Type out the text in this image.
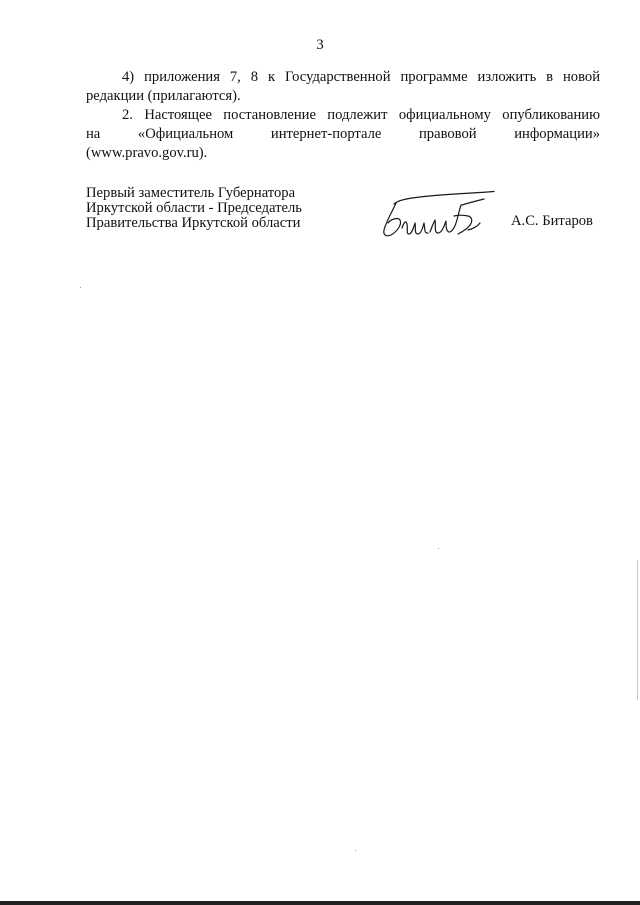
3

4) приложения 7, 8 к Государственной программе изложить в новой

редакции (прилагаются).

2. Настоящее постановление подлежит официальному опубликованию

на «Официальном интернет-портале правовой информации»

(www.pravo.gov.ru).

Первый заместитель Губернатора
Иркутской области - Председатель
Правительства Иркутской области	А.С. Битаров
